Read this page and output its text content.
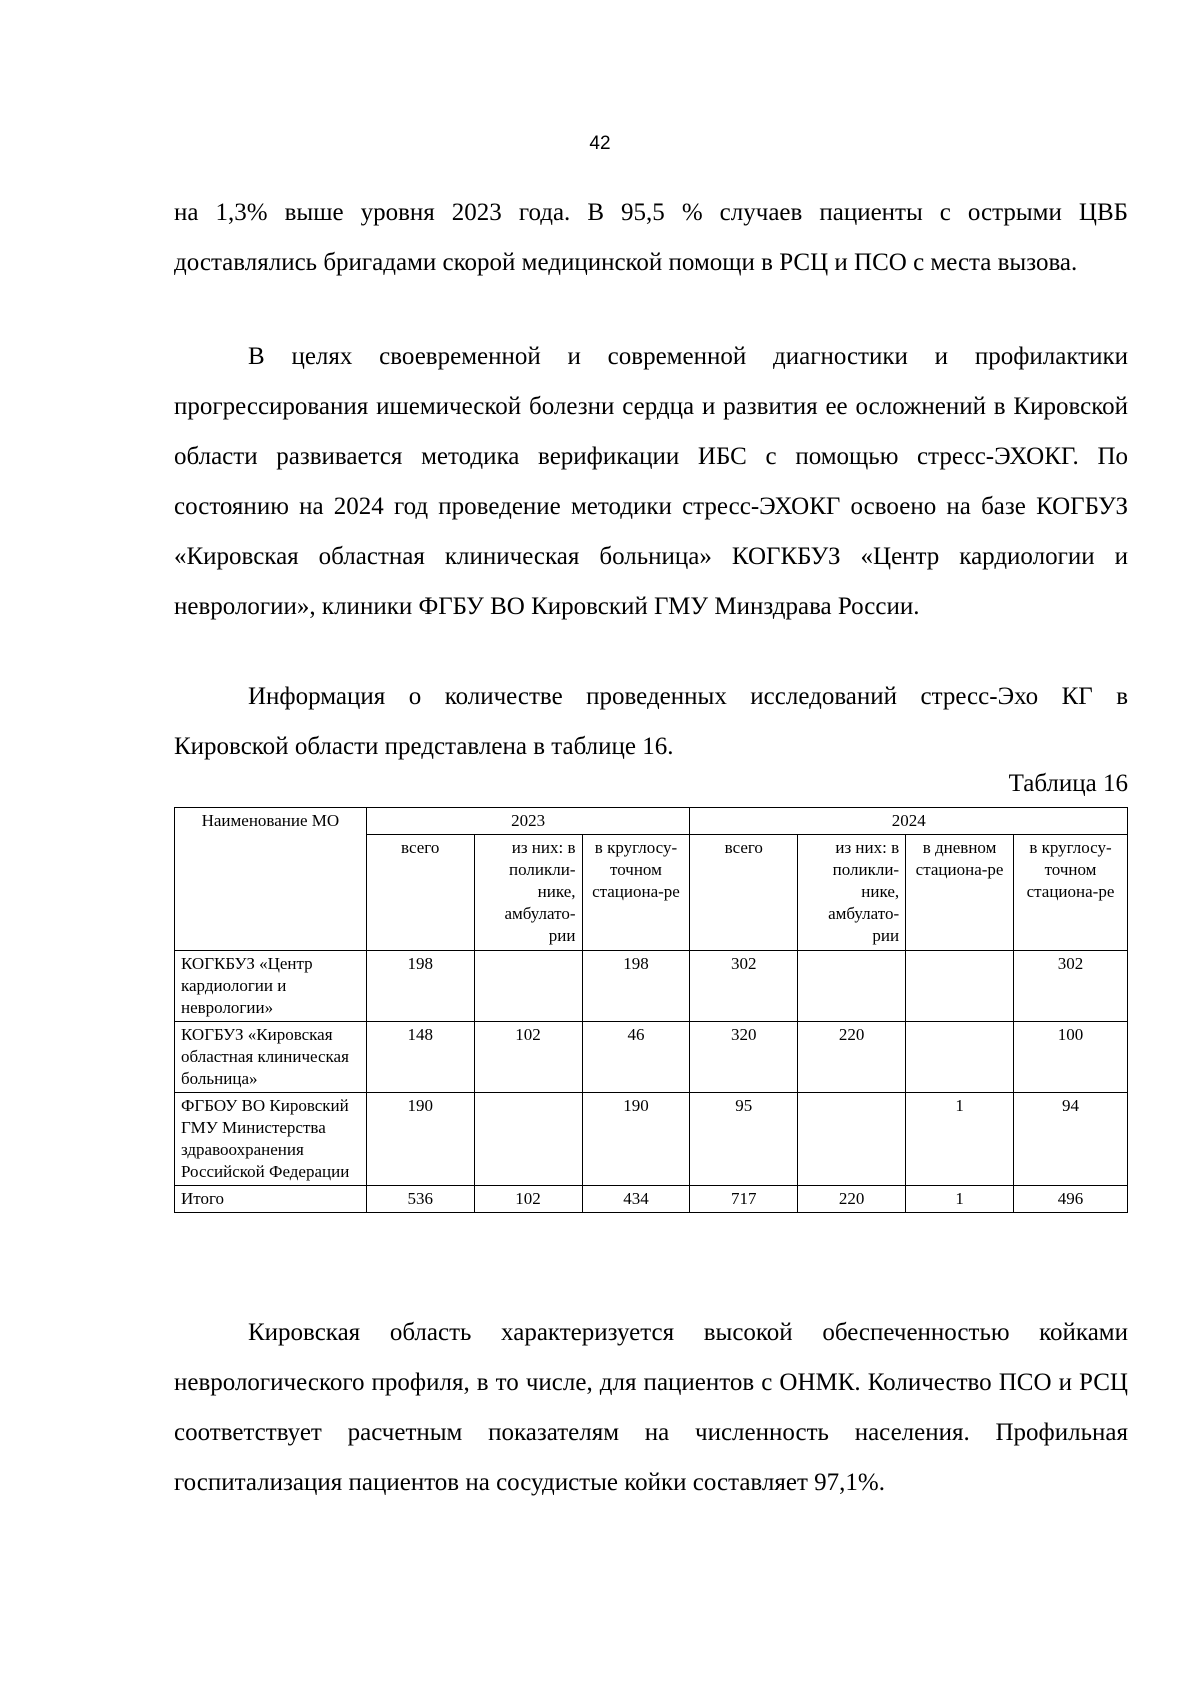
42

на 1,3% выше уровня 2023 года. В 95,5 % случаев пациенты с острыми ЦВБ доставлялись бригадами скорой медицинской помощи в РСЦ и ПСО с места вызова.

В целях своевременной и современной диагностики и профилактики прогрессирования ишемической болезни сердца и развития ее осложнений в Кировской области развивается методика верификации ИБС с помощью стресс-ЭХОКГ. По состоянию на 2024 год проведение методики стресс-ЭХОКГ освоено на базе КОГБУЗ «Кировская областная клиническая больница» КОГКБУЗ «Центр кардиологии и неврологии», клиники ФГБУ ВО Кировский ГМУ Минздрава России.

Информация о количестве проведенных исследований стресс-Эхо КГ в Кировской области представлена в таблице 16.

Таблица 16
Наименование МО	2023			2024			
	всего	из них: в поликли-нике, амбулато-рии	в круглосу-точном стациона-ре	всего	из них: в поликли-нике, амбулато-рии	в дневном стациона-ре	в круглосу-точном стациона-ре
КОГКБУЗ «Центр кардиологии и неврологии»	198		198	302			302
КОГБУЗ «Кировская областная клиническая больница»	148	102	46	320	220		100
ФГБОУ ВО Кировский ГМУ Министерства здравоохранения Российской Федерации	190		190	95		1	94
Итого	536	102	434	717	220	1	496

Кировская область характеризуется высокой обеспеченностью койками неврологического профиля, в то числе, для пациентов с ОНМК. Количество ПСО и РСЦ соответствует расчетным показателям на численность населения. Профильная госпитализация пациентов на сосудистые койки составляет 97,1%.
